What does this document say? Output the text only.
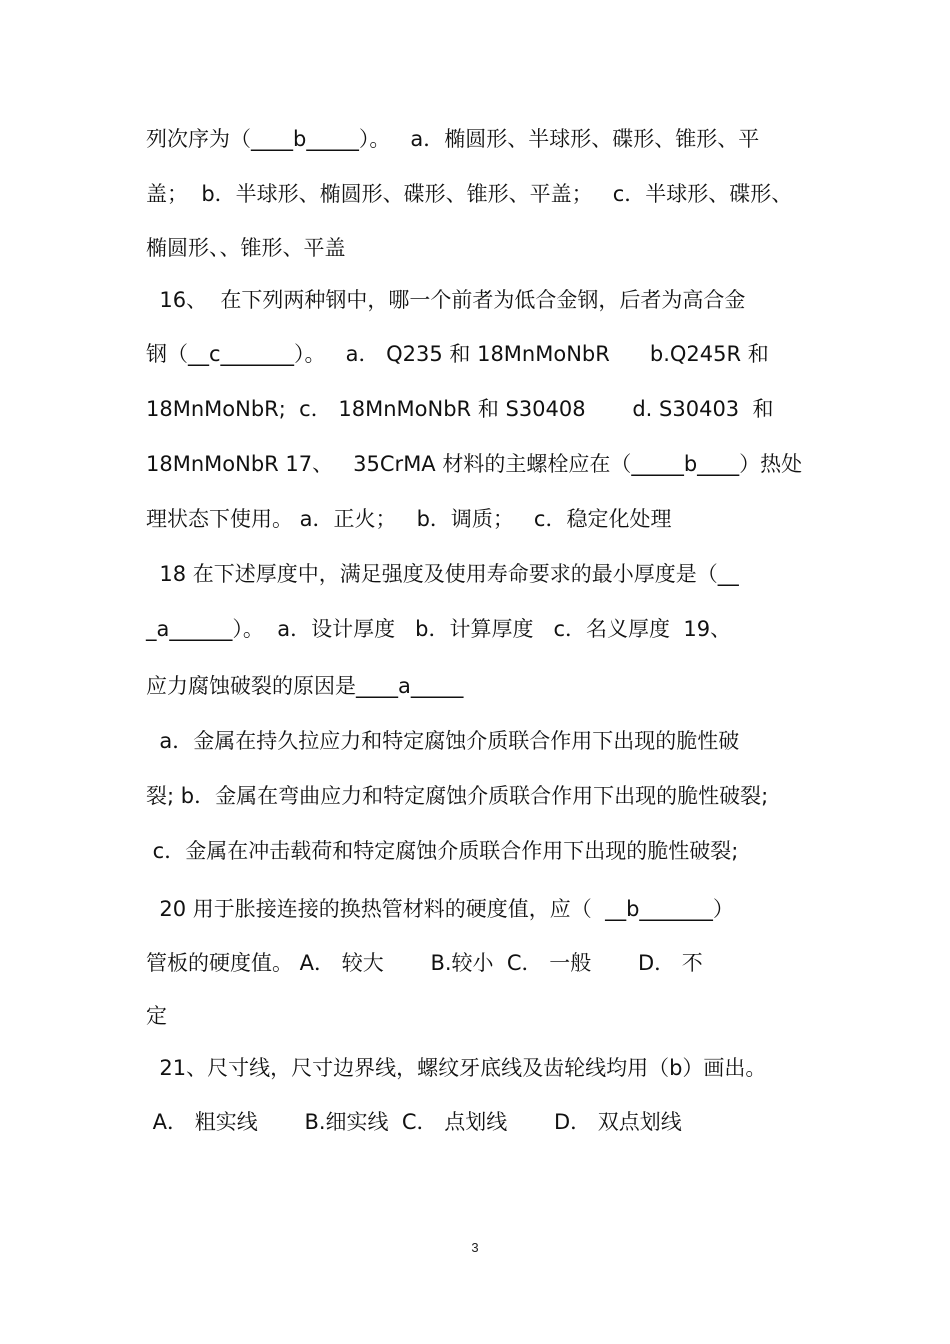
列次序为（____b_____）。   a．椭圆形、半球形、碟形、锥形、平
盖；  b．半球形、椭圆形、碟形、锥形、平盖；   c．半球形、碟形、
椭圆形、、锥形、平盖
16、  在下列两种钢中，哪一个前者为低合金钢，后者为高合金
钢（__c_______）。   a． Q235 和 18MnMoNbR      b.Q245R 和
18MnMoNbR;  c． 18MnMoNbR 和 S30408       d. S30403  和
18MnMoNbR 17、   35CrMA 材料的主螺栓应在（_____b____）热处
理状态下使用。 a．正火；   b．调质；   c．稳定化处理
18 在下述厚度中，满足强度及使用寿命要求的最小厚度是（__
_a______）。  a．设计厚度   b．计算厚度   c．名义厚度  19、
应力腐蚀破裂的原因是____a_____
a．金属在持久拉应力和特定腐蚀介质联合作用下出现的脆性破
裂; b．金属在弯曲应力和特定腐蚀介质联合作用下出现的脆性破裂;
c．金属在冲击载荷和特定腐蚀介质联合作用下出现的脆性破裂;
20 用于胀接连接的换热管材料的硬度值，应（  __b_______）
管板的硬度值。 A． 较大       B.较小  C． 一般       D． 不
定
21、尺寸线，尺寸边界线，螺纹牙底线及齿轮线均用（b）画出。
A． 粗实线       B.细实线  C． 点划线       D． 双点划线
3
